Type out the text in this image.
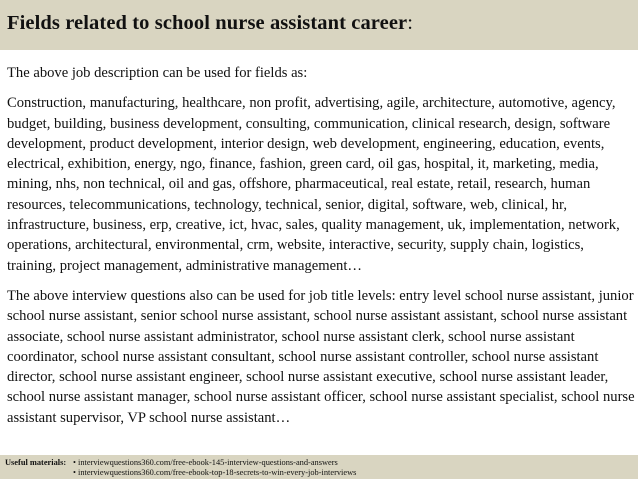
Fields related to school nurse assistant career:

The above job description can be used for fields as:

Construction, manufacturing, healthcare, non profit, advertising, agile, architecture, automotive, agency, budget, building, business development, consulting, communication, clinical research, design, software development, product development, interior design, web development, engineering, education, events, electrical, exhibition, energy, ngo, finance, fashion, green card, oil gas, hospital, it, marketing, media, mining, nhs, non technical, oil and gas, offshore, pharmaceutical, real estate, retail, research, human resources, telecommunications, technology, technical, senior, digital, software, web, clinical, hr, infrastructure, business, erp, creative, ict, hvac, sales, quality management, uk, implementation, network, operations, architectural, environmental, crm, website, interactive, security, supply chain, logistics, training, project management, administrative management…

The above interview questions also can be used for job title levels: entry level school nurse assistant, junior school nurse assistant, senior school nurse assistant, school nurse assistant assistant, school nurse assistant associate, school nurse assistant administrator, school nurse assistant clerk, school nurse assistant coordinator, school nurse assistant consultant, school nurse assistant controller, school nurse assistant director, school nurse assistant engineer, school nurse assistant executive, school nurse assistant leader, school nurse assistant manager, school nurse assistant officer, school nurse assistant specialist, school nurse assistant supervisor, VP school nurse assistant…

Useful materials: • interviewquestions360.com/free-ebook-145-interview-questions-and-answers
• interviewquestions360.com/free-ebook-top-18-secrets-to-win-every-job-interviews
